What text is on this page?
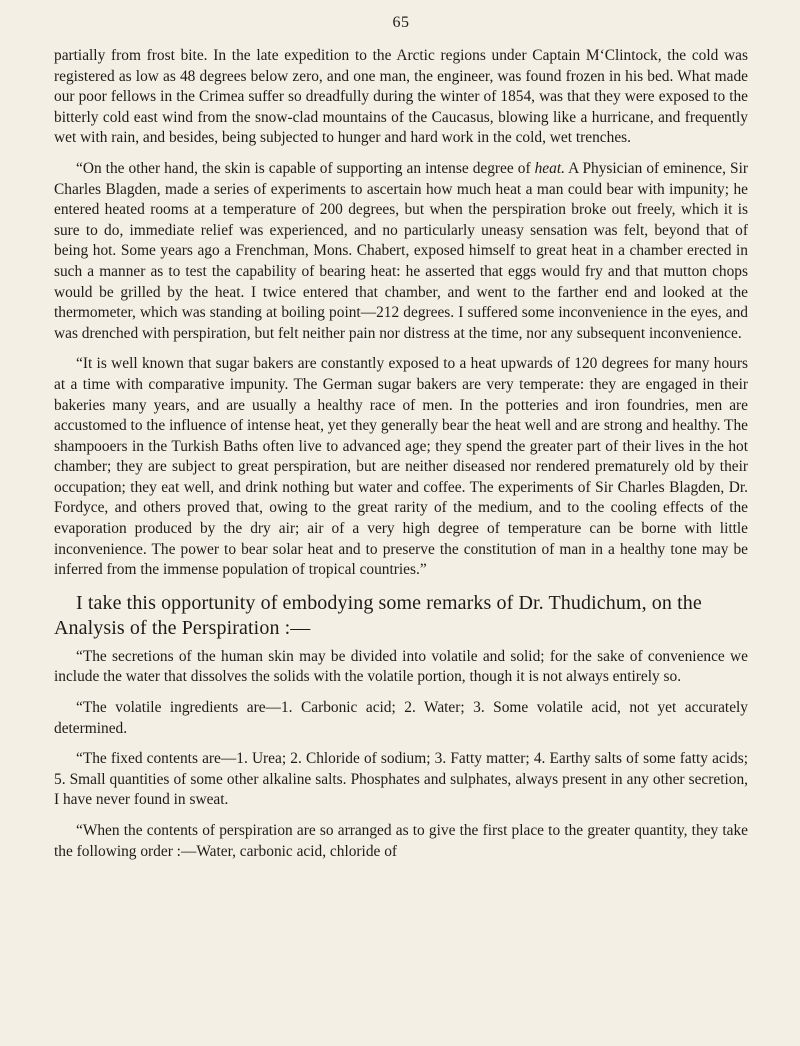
65

partially from frost bite. In the late expedition to the Arctic regions under Captain M‘Clintock, the cold was registered as low as 48 degrees below zero, and one man, the engineer, was found frozen in his bed. What made our poor fellows in the Crimea suffer so dreadfully during the winter of 1854, was that they were exposed to the bitterly cold east wind from the snow-clad mountains of the Caucasus, blowing like a hurricane, and frequently wet with rain, and besides, being subjected to hunger and hard work in the cold, wet trenches.

“On the other hand, the skin is capable of supporting an intense degree of heat. A Physician of eminence, Sir Charles Blagden, made a series of experiments to ascertain how much heat a man could bear with impunity; he entered heated rooms at a temperature of 200 degrees, but when the perspiration broke out freely, which it is sure to do, immediate relief was experienced, and no particularly uneasy sensation was felt, beyond that of being hot. Some years ago a Frenchman, Mons. Chabert, exposed himself to great heat in a chamber erected in such a manner as to test the capability of bearing heat: he asserted that eggs would fry and that mutton chops would be grilled by the heat. I twice entered that chamber, and went to the farther end and looked at the thermometer, which was standing at boiling point—212 degrees. I suffered some inconvenience in the eyes, and was drenched with perspiration, but felt neither pain nor distress at the time, nor any subsequent inconvenience.

“It is well known that sugar bakers are constantly exposed to a heat upwards of 120 degrees for many hours at a time with comparative impunity. The German sugar bakers are very temperate: they are engaged in their bakeries many years, and are usually a healthy race of men. In the potteries and iron foundries, men are accustomed to the influence of intense heat, yet they generally bear the heat well and are strong and healthy. The shampooers in the Turkish Baths often live to advanced age; they spend the greater part of their lives in the hot chamber; they are subject to great perspiration, but are neither diseased nor rendered prematurely old by their occupation; they eat well, and drink nothing but water and coffee. The experiments of Sir Charles Blagden, Dr. Fordyce, and others proved that, owing to the great rarity of the medium, and to the cooling effects of the evaporation produced by the dry air; air of a very high degree of temperature can be borne with little inconvenience. The power to bear solar heat and to preserve the constitution of man in a healthy tone may be inferred from the immense population of tropical countries.”

I take this opportunity of embodying some remarks of Dr. Thudichum, on the Analysis of the Perspiration :—

“The secretions of the human skin may be divided into volatile and solid; for the sake of convenience we include the water that dissolves the solids with the volatile portion, though it is not always entirely so.

“The volatile ingredients are—1. Carbonic acid; 2. Water; 3. Some volatile acid, not yet accurately determined.

“The fixed contents are—1. Urea; 2. Chloride of sodium; 3. Fatty matter; 4. Earthy salts of some fatty acids; 5. Small quantities of some other alkaline salts. Phosphates and sulphates, always present in any other secretion, I have never found in sweat.

“When the contents of perspiration are so arranged as to give the first place to the greater quantity, they take the following order :—Water, carbonic acid, chloride of
